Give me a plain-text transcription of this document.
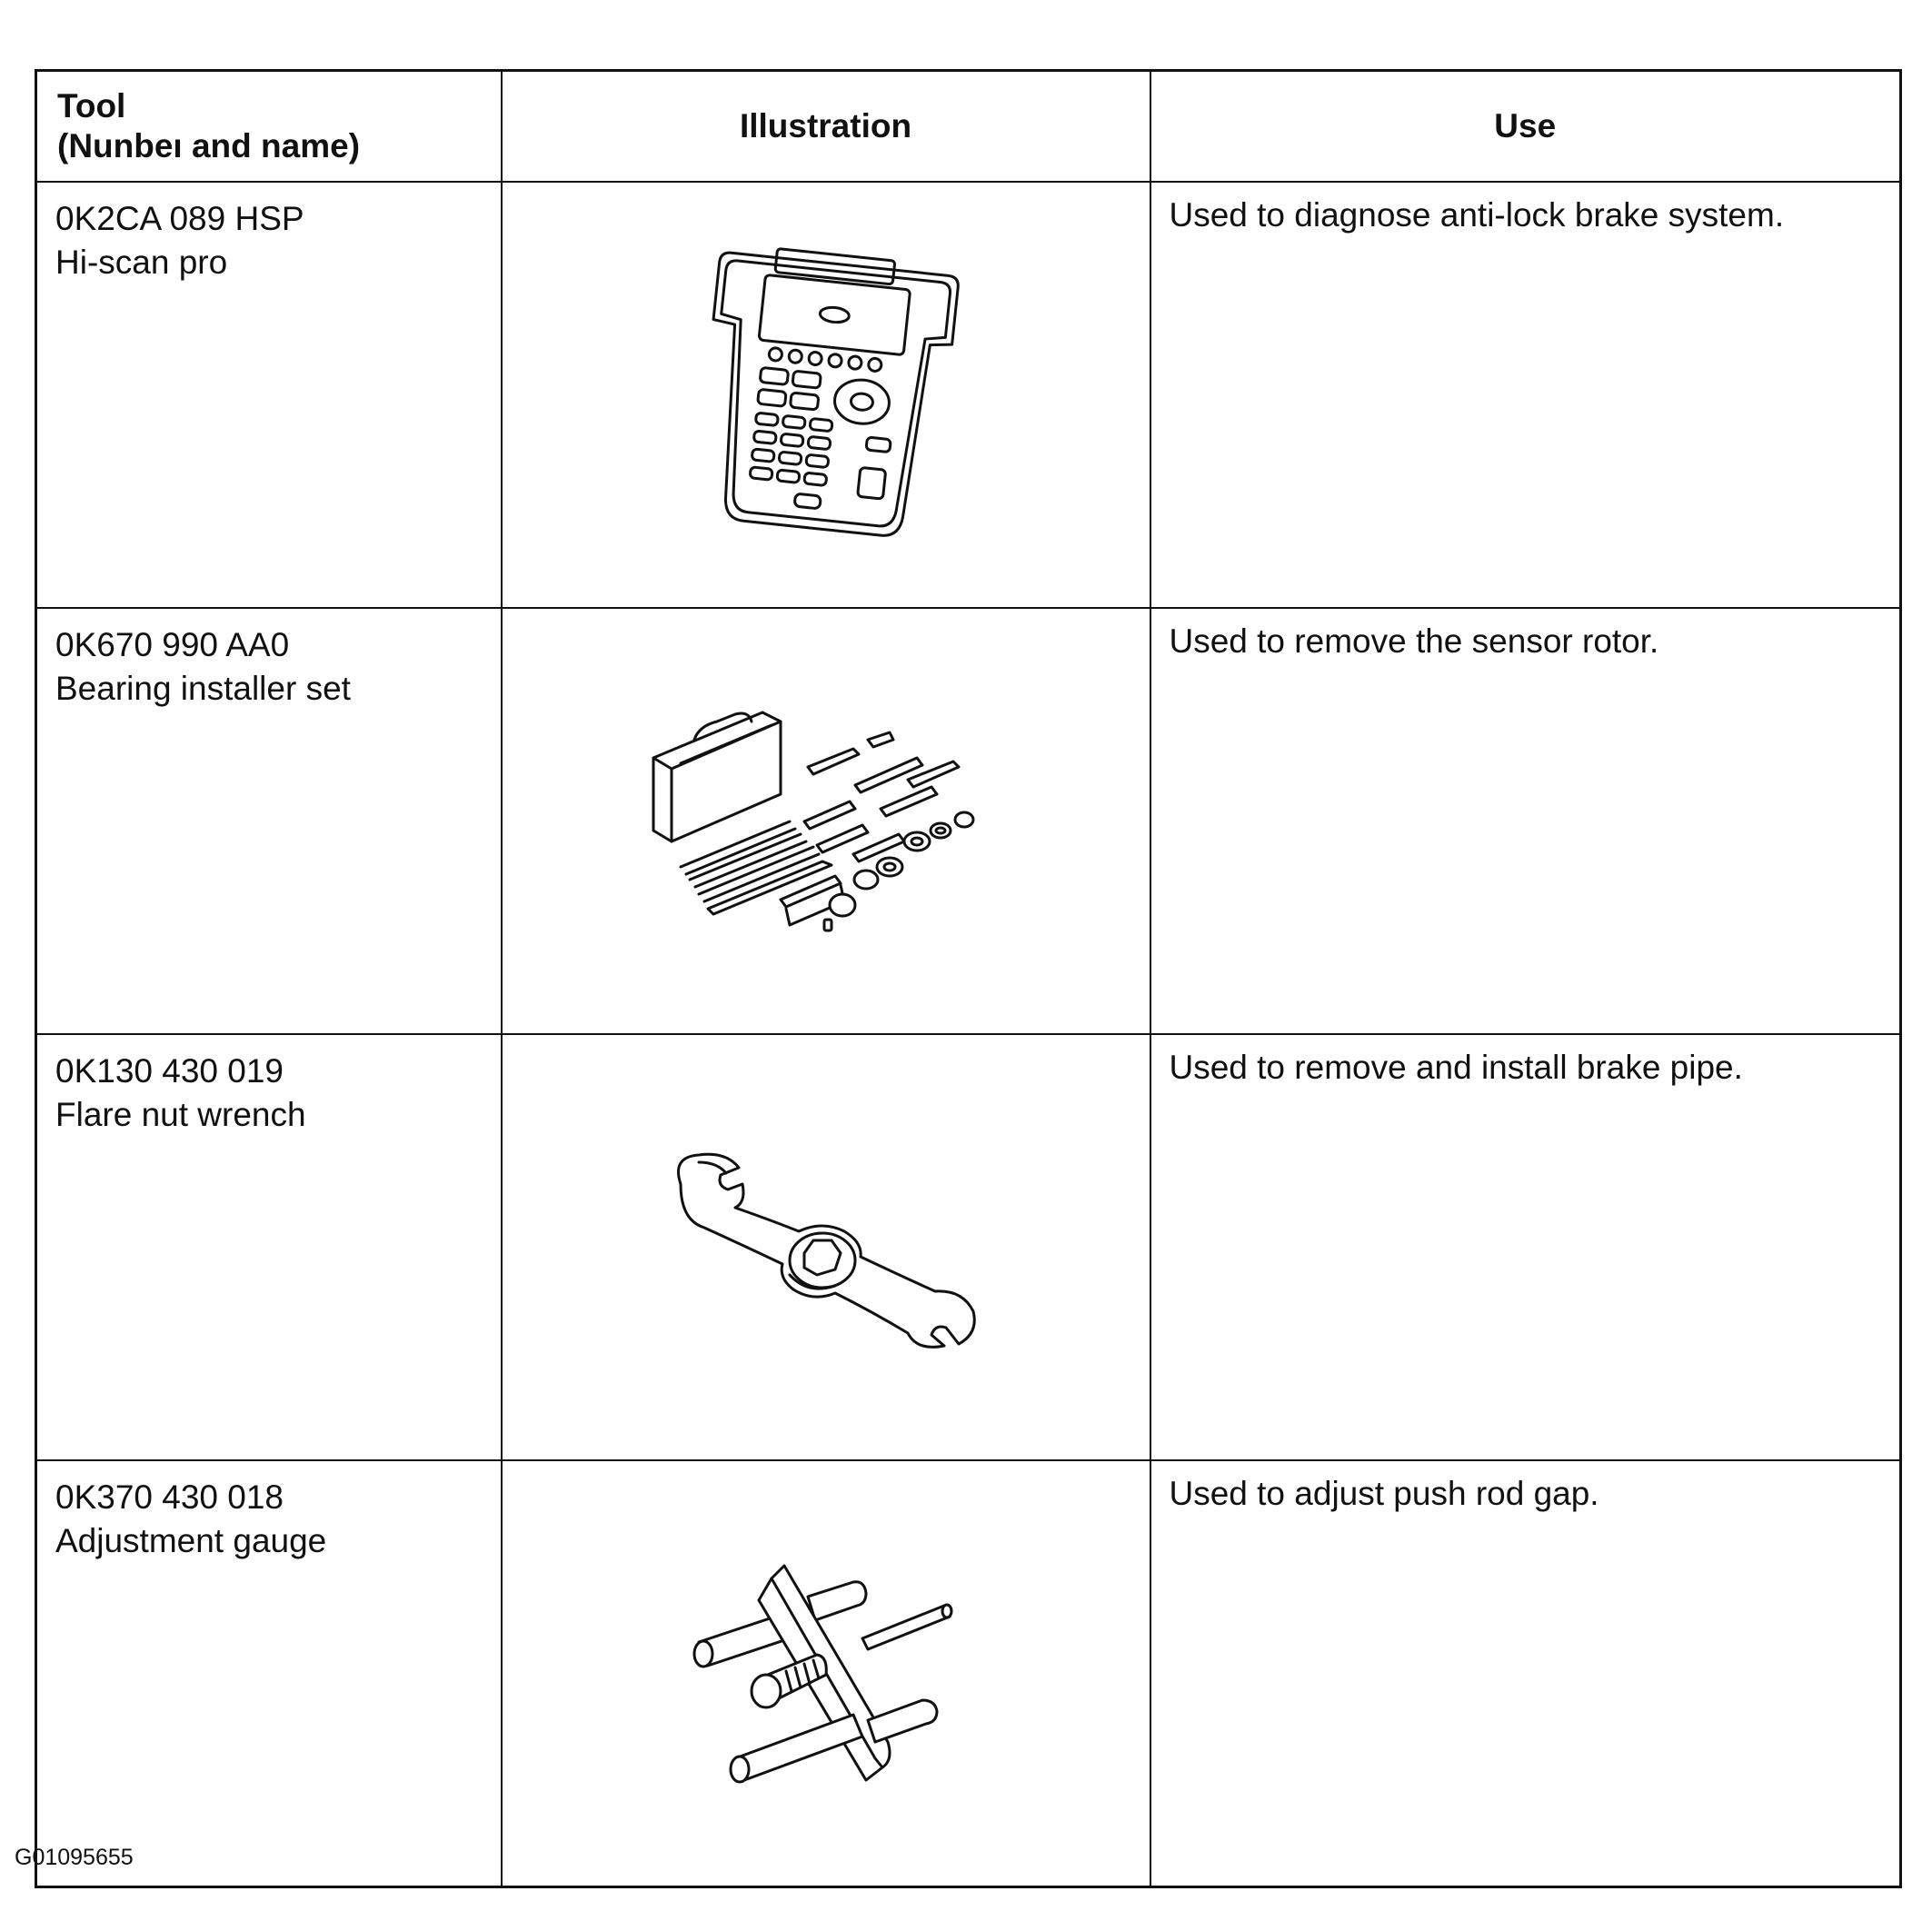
Tool
(Nunbeı and name)	Illustration	Use

0K2CA 089 HSP
Hi-scan pro		Used to diagnose anti-lock brake system.

0K670 990 AA0
Bearing installer set		Used to remove the sensor rotor.

0K130 430 019
Flare nut wrench		Used to remove and install brake pipe.

0K370 430 018
Adjustment gauge		Used to adjust push rod gap.
G01095655
